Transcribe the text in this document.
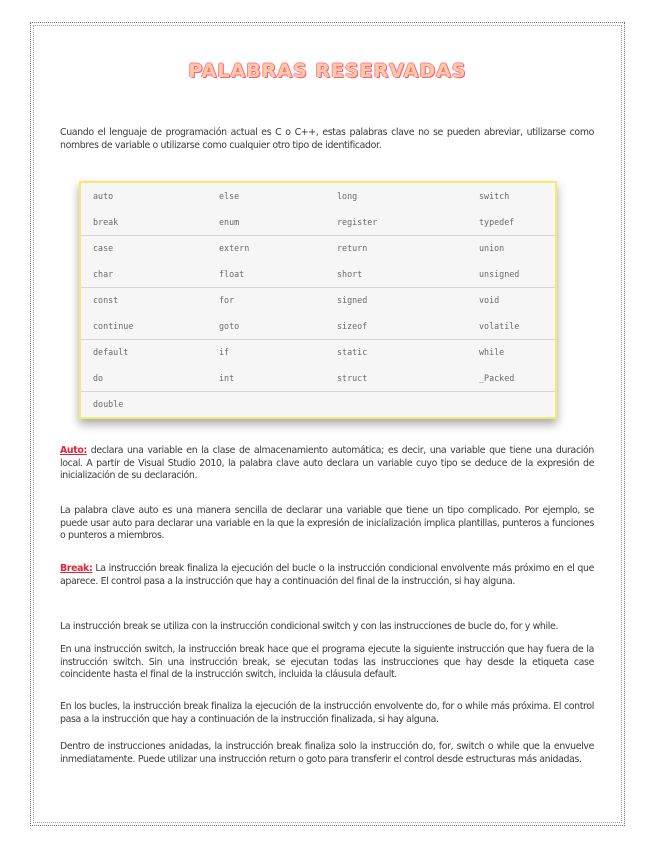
PALABRAS RESERVADAS

Cuando el lenguaje de programación actual es C o C++, estas palabras clave no se pueden abreviar, utilizarse como nombres de variable o utilizarse como cualquier otro tipo de identificador.

auto	else	long	switch
break	enum	register	typedef
case	extern	return	union
char	float	short	unsigned
const	for	signed	void
continue	goto	sizeof	volatile
default	if	static	while
do	int	struct	_Packed
double

Auto: declara una variable en la clase de almacenamiento automática; es decir, una variable que tiene una duración local. A partir de Visual Studio 2010, la palabra clave auto declara un variable cuyo tipo se deduce de la expresión de inicialización de su declaración.

La palabra clave auto es una manera sencilla de declarar una variable que tiene un tipo complicado. Por ejemplo, se puede usar auto para declarar una variable en la que la expresión de inicialización implica plantillas, punteros a funciones o punteros a miembros.

Break: La instrucción break finaliza la ejecución del bucle o la instrucción condicional envolvente más próximo en el que aparece. El control pasa a la instrucción que hay a continuación del final de la instrucción, si hay alguna.

La instrucción break se utiliza con la instrucción condicional switch y con las instrucciones de bucle do, for y while.

En una instrucción switch, la instrucción break hace que el programa ejecute la siguiente instrucción que hay fuera de la instrucción switch. Sin una instrucción break, se ejecutan todas las instrucciones que hay desde la etiqueta case coincidente hasta el final de la instrucción switch, incluida la cláusula default.

En los bucles, la instrucción break finaliza la ejecución de la instrucción envolvente do, for o while más próxima. El control pasa a la instrucción que hay a continuación de la instrucción finalizada, si hay alguna.

Dentro de instrucciones anidadas, la instrucción break finaliza solo la instrucción do, for, switch o while que la envuelve inmediatamente. Puede utilizar una instrucción return o goto para transferir el control desde estructuras más anidadas.
